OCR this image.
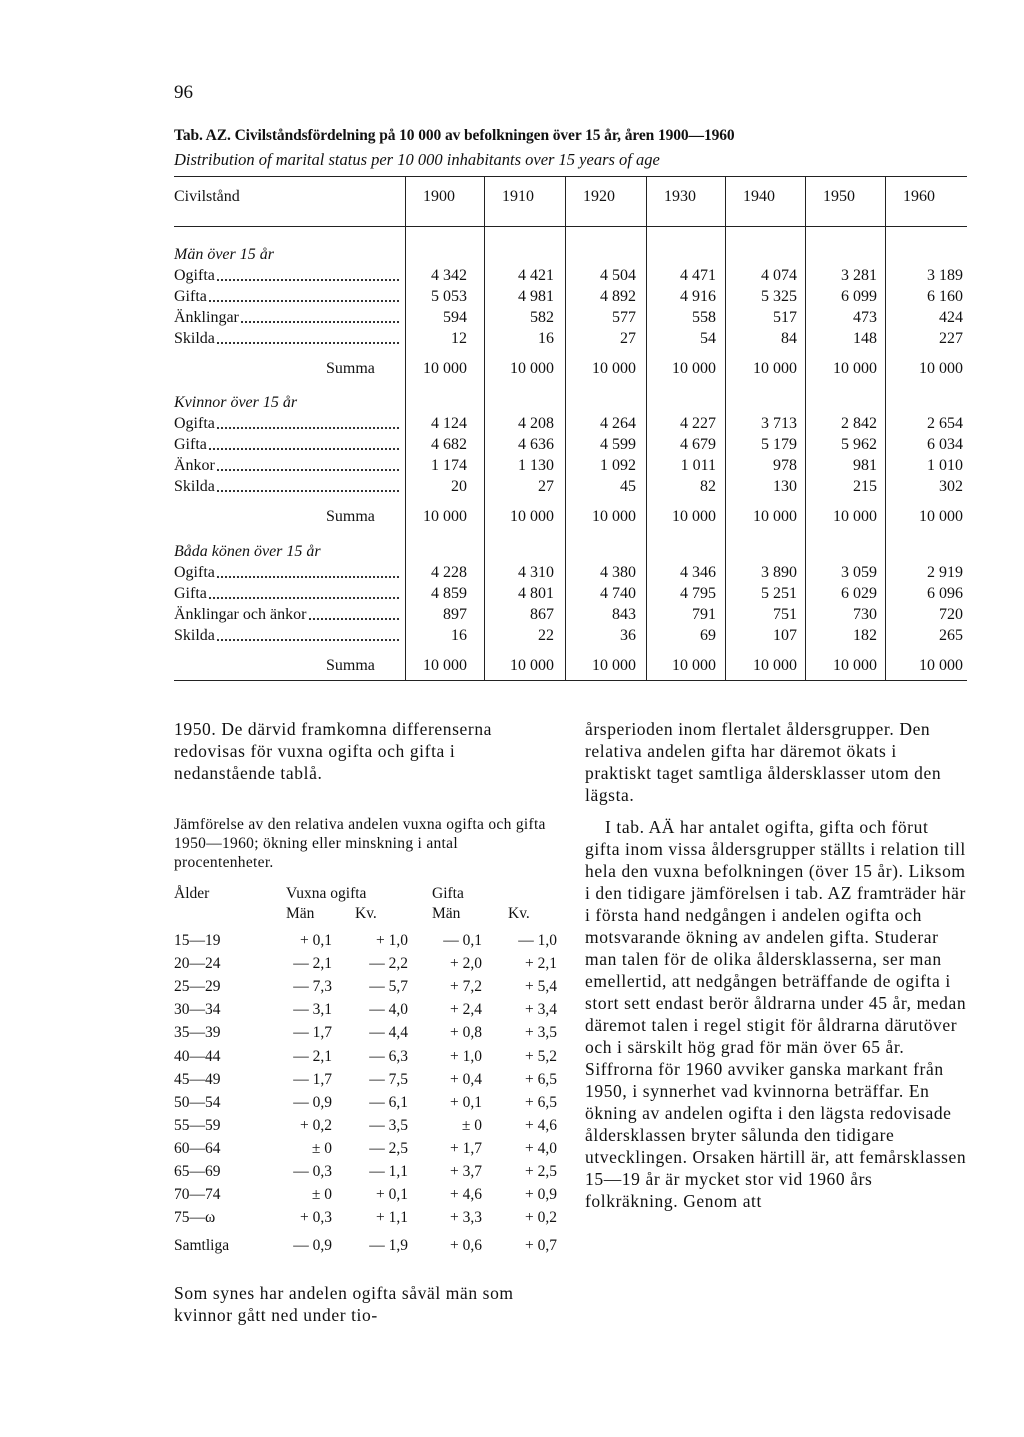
96
Tab. AZ. Civilståndsfördelning på 10 000 av befolkningen över 15 år, åren 1900—1960
Distribution of marital status per 10 000 inhabitants over 15 years of age
Civilstånd	1900	1910	1920	1930	1940	1950	1960
Män över 15 år
Ogifta	4 342	4 421	4 504	4 471	4 074	3 281	3 189
Gifta	5 053	4 981	4 892	4 916	5 325	6 099	6 160
Änklingar	594	582	577	558	517	473	424
Skilda	12	16	27	54	84	148	227
Summa	10 000	10 000	10 000	10 000	10 000	10 000	10 000
Kvinnor över 15 år
Ogifta	4 124	4 208	4 264	4 227	3 713	2 842	2 654
Gifta	4 682	4 636	4 599	4 679	5 179	5 962	6 034
Änkor	1 174	1 130	1 092	1 011	978	981	1 010
Skilda	20	27	45	82	130	215	302
Summa	10 000	10 000	10 000	10 000	10 000	10 000	10 000
Båda könen över 15 år
Ogifta	4 228	4 310	4 380	4 346	3 890	3 059	2 919
Gifta	4 859	4 801	4 740	4 795	5 251	6 029	6 096
Änklingar och änkor	897	867	843	791	751	730	720
Skilda	16	22	36	69	107	182	265
Summa	10 000	10 000	10 000	10 000	10 000	10 000	10 000
1950. De därvid framkomna differenserna redovisas för vuxna ogifta och gifta i nedanstående tablå.
Jämförelse av den relativa andelen vuxna ogifta och gifta 1950—1960; ökning eller minskning i antal procentenheter.
Ålder	Vuxna ogifta	Gifta
Män	Kv.	Män	Kv.
15—19	+ 0,1	+ 1,0	— 0,1	— 1,0
20—24	— 2,1	— 2,2	+ 2,0	+ 2,1
25—29	— 7,3	— 5,7	+ 7,2	+ 5,4
30—34	— 3,1	— 4,0	+ 2,4	+ 3,4
35—39	— 1,7	— 4,4	+ 0,8	+ 3,5
40—44	— 2,1	— 6,3	+ 1,0	+ 5,2
45—49	— 1,7	— 7,5	+ 0,4	+ 6,5
50—54	— 0,9	— 6,1	+ 0,1	+ 6,5
55—59	+ 0,2	— 3,5	± 0	+ 4,6
60—64	± 0	— 2,5	+ 1,7	+ 4,0
65—69	— 0,3	— 1,1	+ 3,7	+ 2,5
70—74	± 0	+ 0,1	+ 4,6	+ 0,9
75—ω	+ 0,3	+ 1,1	+ 3,3	+ 0,2
Samtliga	— 0,9	— 1,9	+ 0,6	+ 0,7
Som synes har andelen ogifta såväl män som kvinnor gått ned under tio-
årsperioden inom flertalet åldersgrupper. Den relativa andelen gifta har däremot ökats i praktiskt taget samtliga åldersklasser utom den lägsta.
I tab. AÄ har antalet ogifta, gifta och förut gifta inom vissa åldersgrupper ställts i relation till hela den vuxna befolkningen (över 15 år). Liksom i den tidigare jämförelsen i tab. AZ framträder här i första hand nedgången i andelen ogifta och motsvarande ökning av andelen gifta. Studerar man talen för de olika åldersklasserna, ser man emellertid, att nedgången beträffande de ogifta i stort sett endast berör åldrarna under 45 år, medan däremot talen i regel stigit för åldrarna därutöver och i särskilt hög grad för män över 65 år. Siffrorna för 1960 avviker ganska markant från 1950, i synnerhet vad kvinnorna beträffar. En ökning av andelen ogifta i den lägsta redovisade åldersklassen bryter sålunda den tidigare utvecklingen. Orsaken härtill är, att femårsklassen 15—19 år är mycket stor vid 1960 års folkräkning. Genom att
